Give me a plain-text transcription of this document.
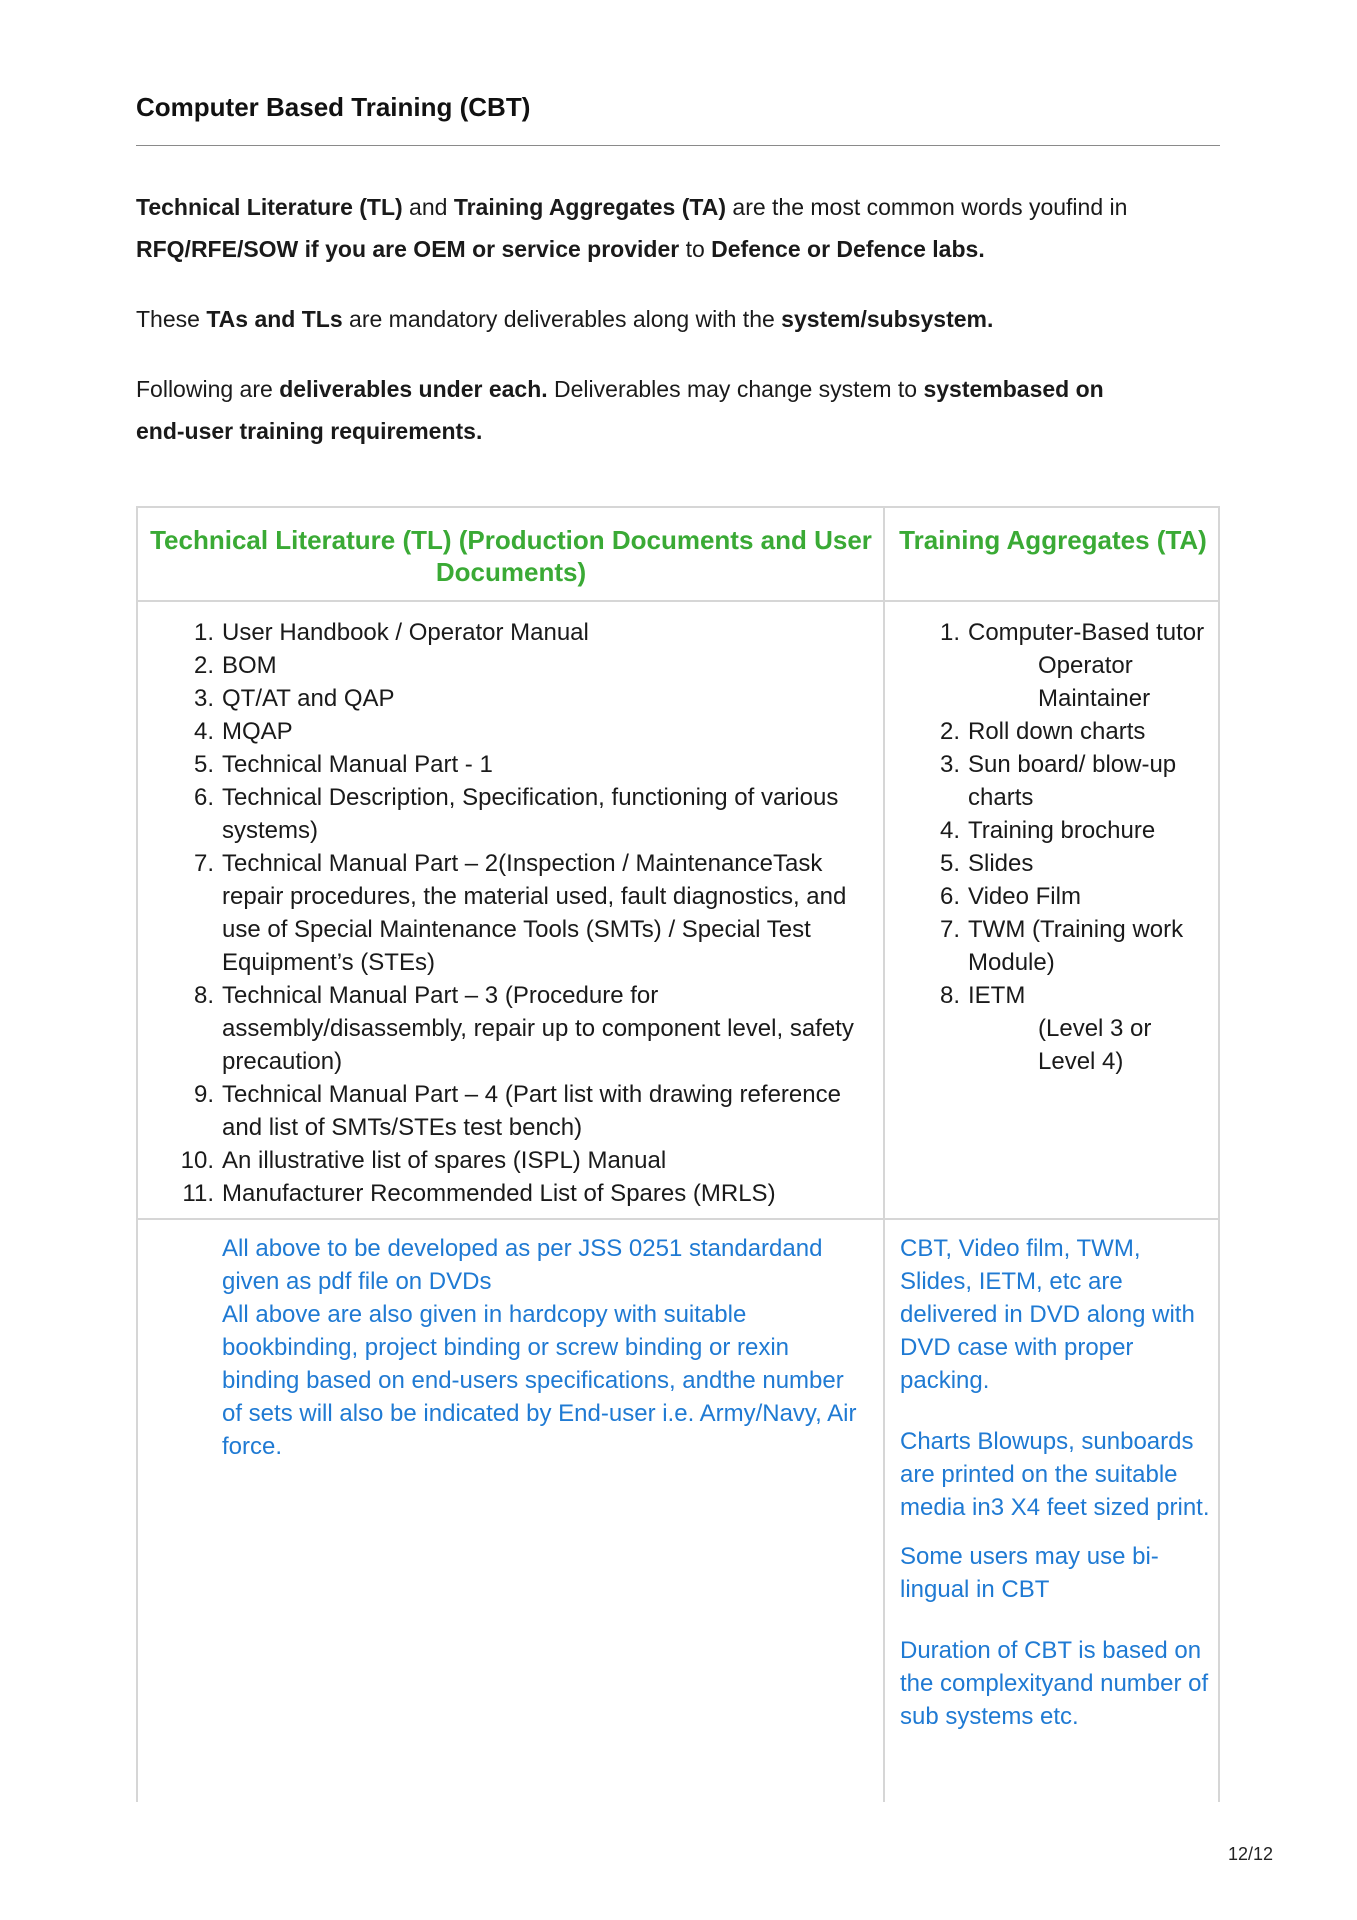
Computer Based Training (CBT)
Technical Literature (TL) and Training Aggregates (TA) are the most common words youfind in RFQ/RFE/SOW if you are OEM or service provider to Defence or Defence labs.
These TAs and TLs are mandatory deliverables along with the system/subsystem.
Following are deliverables under each. Deliverables may change system to systembased on end-user training requirements.
Technical Literature (TL) (Production Documents and User Documents)
Training Aggregates (TA)
1. User Handbook / Operator Manual
2. BOM
3. QT/AT and QAP
4. MQAP
5. Technical Manual Part - 1
6. Technical Description, Specification, functioning of various systems)
7. Technical Manual Part – 2(Inspection / MaintenanceTask repair procedures, the material used, fault diagnostics, and use of Special Maintenance Tools (SMTs) / Special Test Equipment’s (STEs)
8. Technical Manual Part – 3 (Procedure for assembly/disassembly, repair up to component level, safety precaution)
9. Technical Manual Part – 4 (Part list with drawing reference and list of SMTs/STEs test bench)
10. An illustrative list of spares (ISPL) Manual
11. Manufacturer Recommended List of Spares (MRLS)
1. Computer-Based tutor
Operator
Maintainer
2. Roll down charts
3. Sun board/ blow-up charts
4. Training brochure
5. Slides
6. Video Film
7. TWM (Training work Module)
8. IETM
(Level 3 or Level 4)

All above to be developed as per JSS 0251 standardand given as pdf file on DVDs

All above are also given in hardcopy with suitable bookbinding, project binding or screw binding or rexin binding based on end-users specifications, andthe number of sets will also be indicated by End-user i.e. Army/Navy, Air force.

CBT, Video film, TWM, Slides, IETM, etc are delivered in DVD along with DVD case with proper packing.

Charts Blowups, sunboards are printed on the suitable media in3 X4 feet sized print.

Some users may use bi-lingual in CBT

Duration of CBT is based on the complexityand number of sub systems etc.

12/12
